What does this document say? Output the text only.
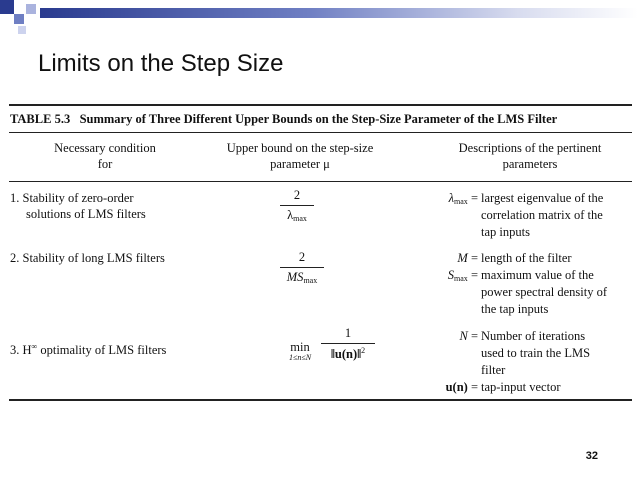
Limits on the Step Size
TABLE 5.3 Summary of Three Different Upper Bounds on the Step-Size Parameter of the LMS Filter
Necessary condition
for
Upper bound on the step-size
parameter μ
Descriptions of the pertinent
parameters
1. Stability of zero-order
solutions of LMS filters
2
$\lambda_{max}$
$\lambda_{max}$ = largest eigenvalue of the
correlation matrix of the
tap inputs
2. Stability of long LMS filters	2
$MS_{max}$
M = length of the filter
$S_{max}$ = maximum value of the
power spectral density of
the tap inputs
3. H∞ optimality of LMS filters	min
1≤n≤N
1
‖u(n)‖$^2$
N = Number of iterations
used to train the LMS
filter
u(n) = tap-input vector
32
